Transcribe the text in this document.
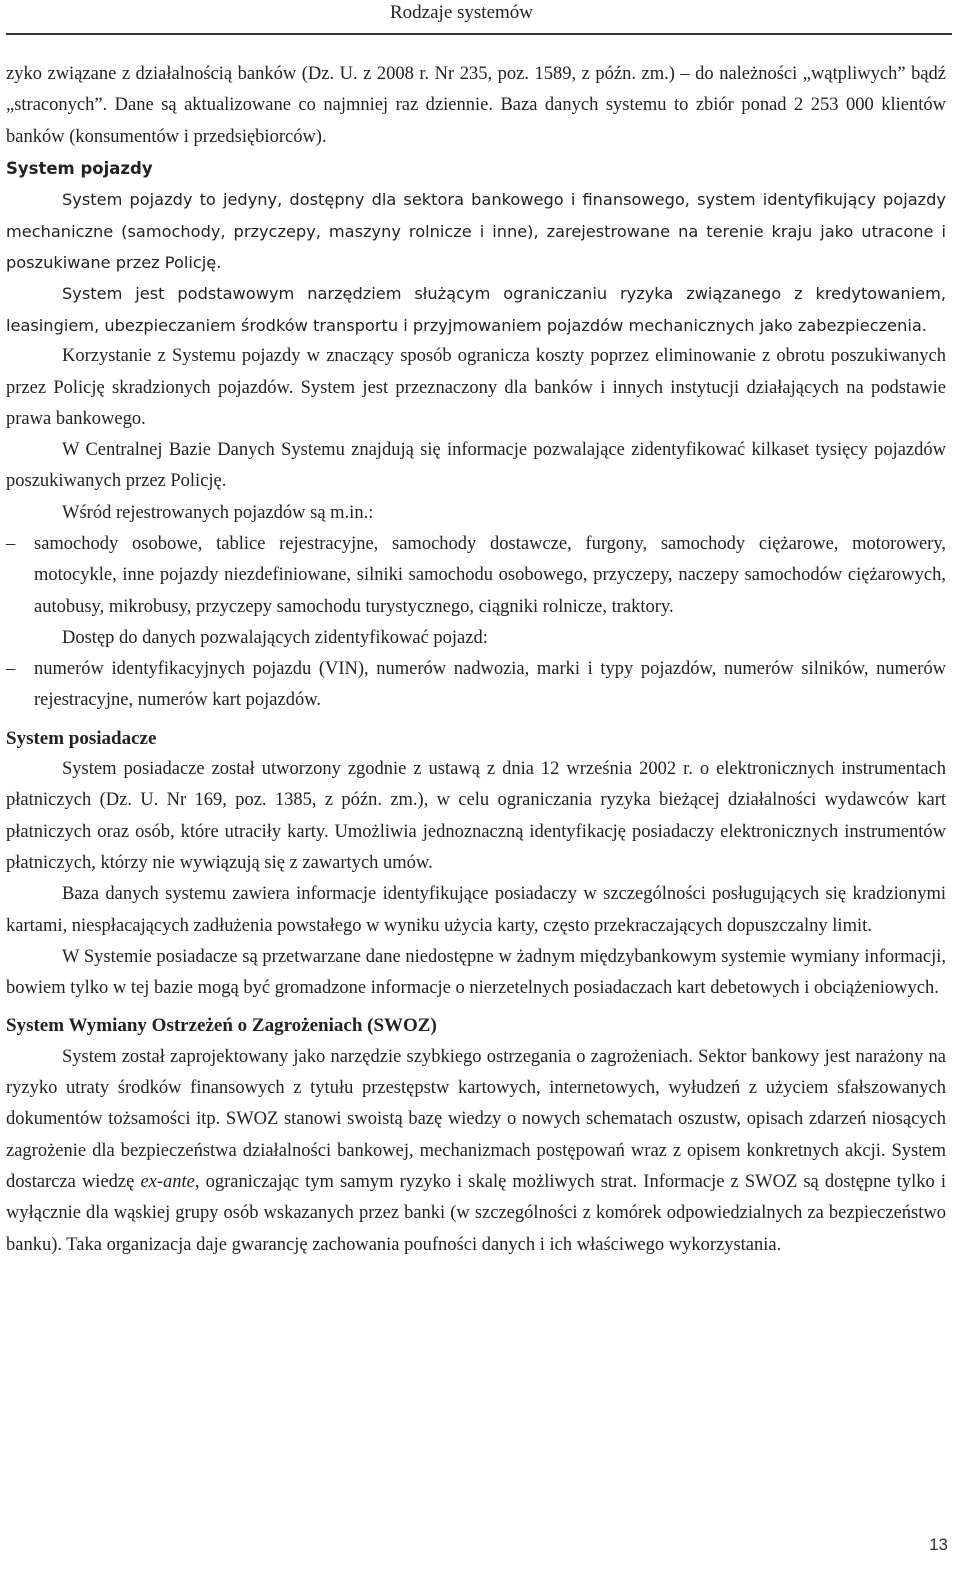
Rodzaje systemów

zyko związane z działalnością banków (Dz. U. z 2008 r. Nr 235, poz. 1589, z późn. zm.) – do należności „wątpliwych” bądź „straconych”. Dane są aktualizowane co najmniej raz dziennie. Baza danych systemu to zbiór ponad 2 253 000 klientów banków (konsumentów i przedsiębiorców).

System pojazdy

System pojazdy to jedyny, dostępny dla sektora bankowego i finansowego, system identyfikujący pojazdy mechaniczne (samochody, przyczepy, maszyny rolnicze i inne), zarejestrowane na terenie kraju jako utracone i poszukiwane przez Policję.

System jest podstawowym narzędziem służącym ograniczaniu ryzyka związanego z kredytowaniem, leasingiem, ubezpieczaniem środków transportu i przyjmowaniem pojazdów mechanicznych jako zabezpieczenia.

Korzystanie z Systemu pojazdy w znaczący sposób ogranicza koszty poprzez eliminowanie z obrotu poszukiwanych przez Policję skradzionych pojazdów. System jest przeznaczony dla banków i innych instytucji działających na podstawie prawa bankowego.

W Centralnej Bazie Danych Systemu znajdują się informacje pozwalające zidentyfikować kilkaset tysięcy pojazdów poszukiwanych przez Policję.

Wśród rejestrowanych pojazdów są m.in.:

– samochody osobowe, tablice rejestracyjne, samochody dostawcze, furgony, samochody ciężarowe, motorowery, motocykle, inne pojazdy niezdefiniowane, silniki samochodu osobowego, przyczepy, naczepy samochodów ciężarowych, autobusy, mikrobusy, przyczepy samochodu turystycznego, ciągniki rolnicze, traktory.

Dostęp do danych pozwalających zidentyfikować pojazd:

– numerów identyfikacyjnych pojazdu (VIN), numerów nadwozia, marki i typy pojazdów, numerów silników, numerów rejestracyjne, numerów kart pojazdów.

System posiadacze

System posiadacze został utworzony zgodnie z ustawą z dnia 12 września 2002 r. o elektronicznych instrumentach płatniczych (Dz. U. Nr 169, poz. 1385, z późn. zm.), w celu ograniczania ryzyka bieżącej działalności wydawców kart płatniczych oraz osób, które utraciły karty. Umożliwia jednoznaczną identyfikację posiadaczy elektronicznych instrumentów płatniczych, którzy nie wywiązują się z zawartych umów.

Baza danych systemu zawiera informacje identyfikujące posiadaczy w szczególności posługujących się kradzionymi kartami, niespłacających zadłużenia powstałego w wyniku użycia karty, często przekraczających dopuszczalny limit.

W Systemie posiadacze są przetwarzane dane niedostępne w żadnym międzybankowym systemie wymiany informacji, bowiem tylko w tej bazie mogą być gromadzone informacje o nierzetelnych posiadaczach kart debetowych i obciążeniowych.

System Wymiany Ostrzeżeń o Zagrożeniach (SWOZ)

System został zaprojektowany jako narzędzie szybkiego ostrzegania o zagrożeniach. Sektor bankowy jest narażony na ryzyko utraty środków finansowych z tytułu przestępstw kartowych, internetowych, wyłudzeń z użyciem sfałszowanych dokumentów tożsamości itp. SWOZ stanowi swoistą bazę wiedzy o nowych schematach oszustw, opisach zdarzeń niosących zagrożenie dla bezpieczeństwa działalności bankowej, mechanizmach postępowań wraz z opisem konkretnych akcji. System dostarcza wiedzę ex-ante, ograniczając tym samym ryzyko i skalę możliwych strat. Informacje z SWOZ są dostępne tylko i wyłącznie dla wąskiej grupy osób wskazanych przez banki (w szczególności z komórek odpowiedzialnych za bezpieczeństwo banku). Taka organizacja daje gwarancję zachowania poufności danych i ich właściwego wykorzystania.

13
